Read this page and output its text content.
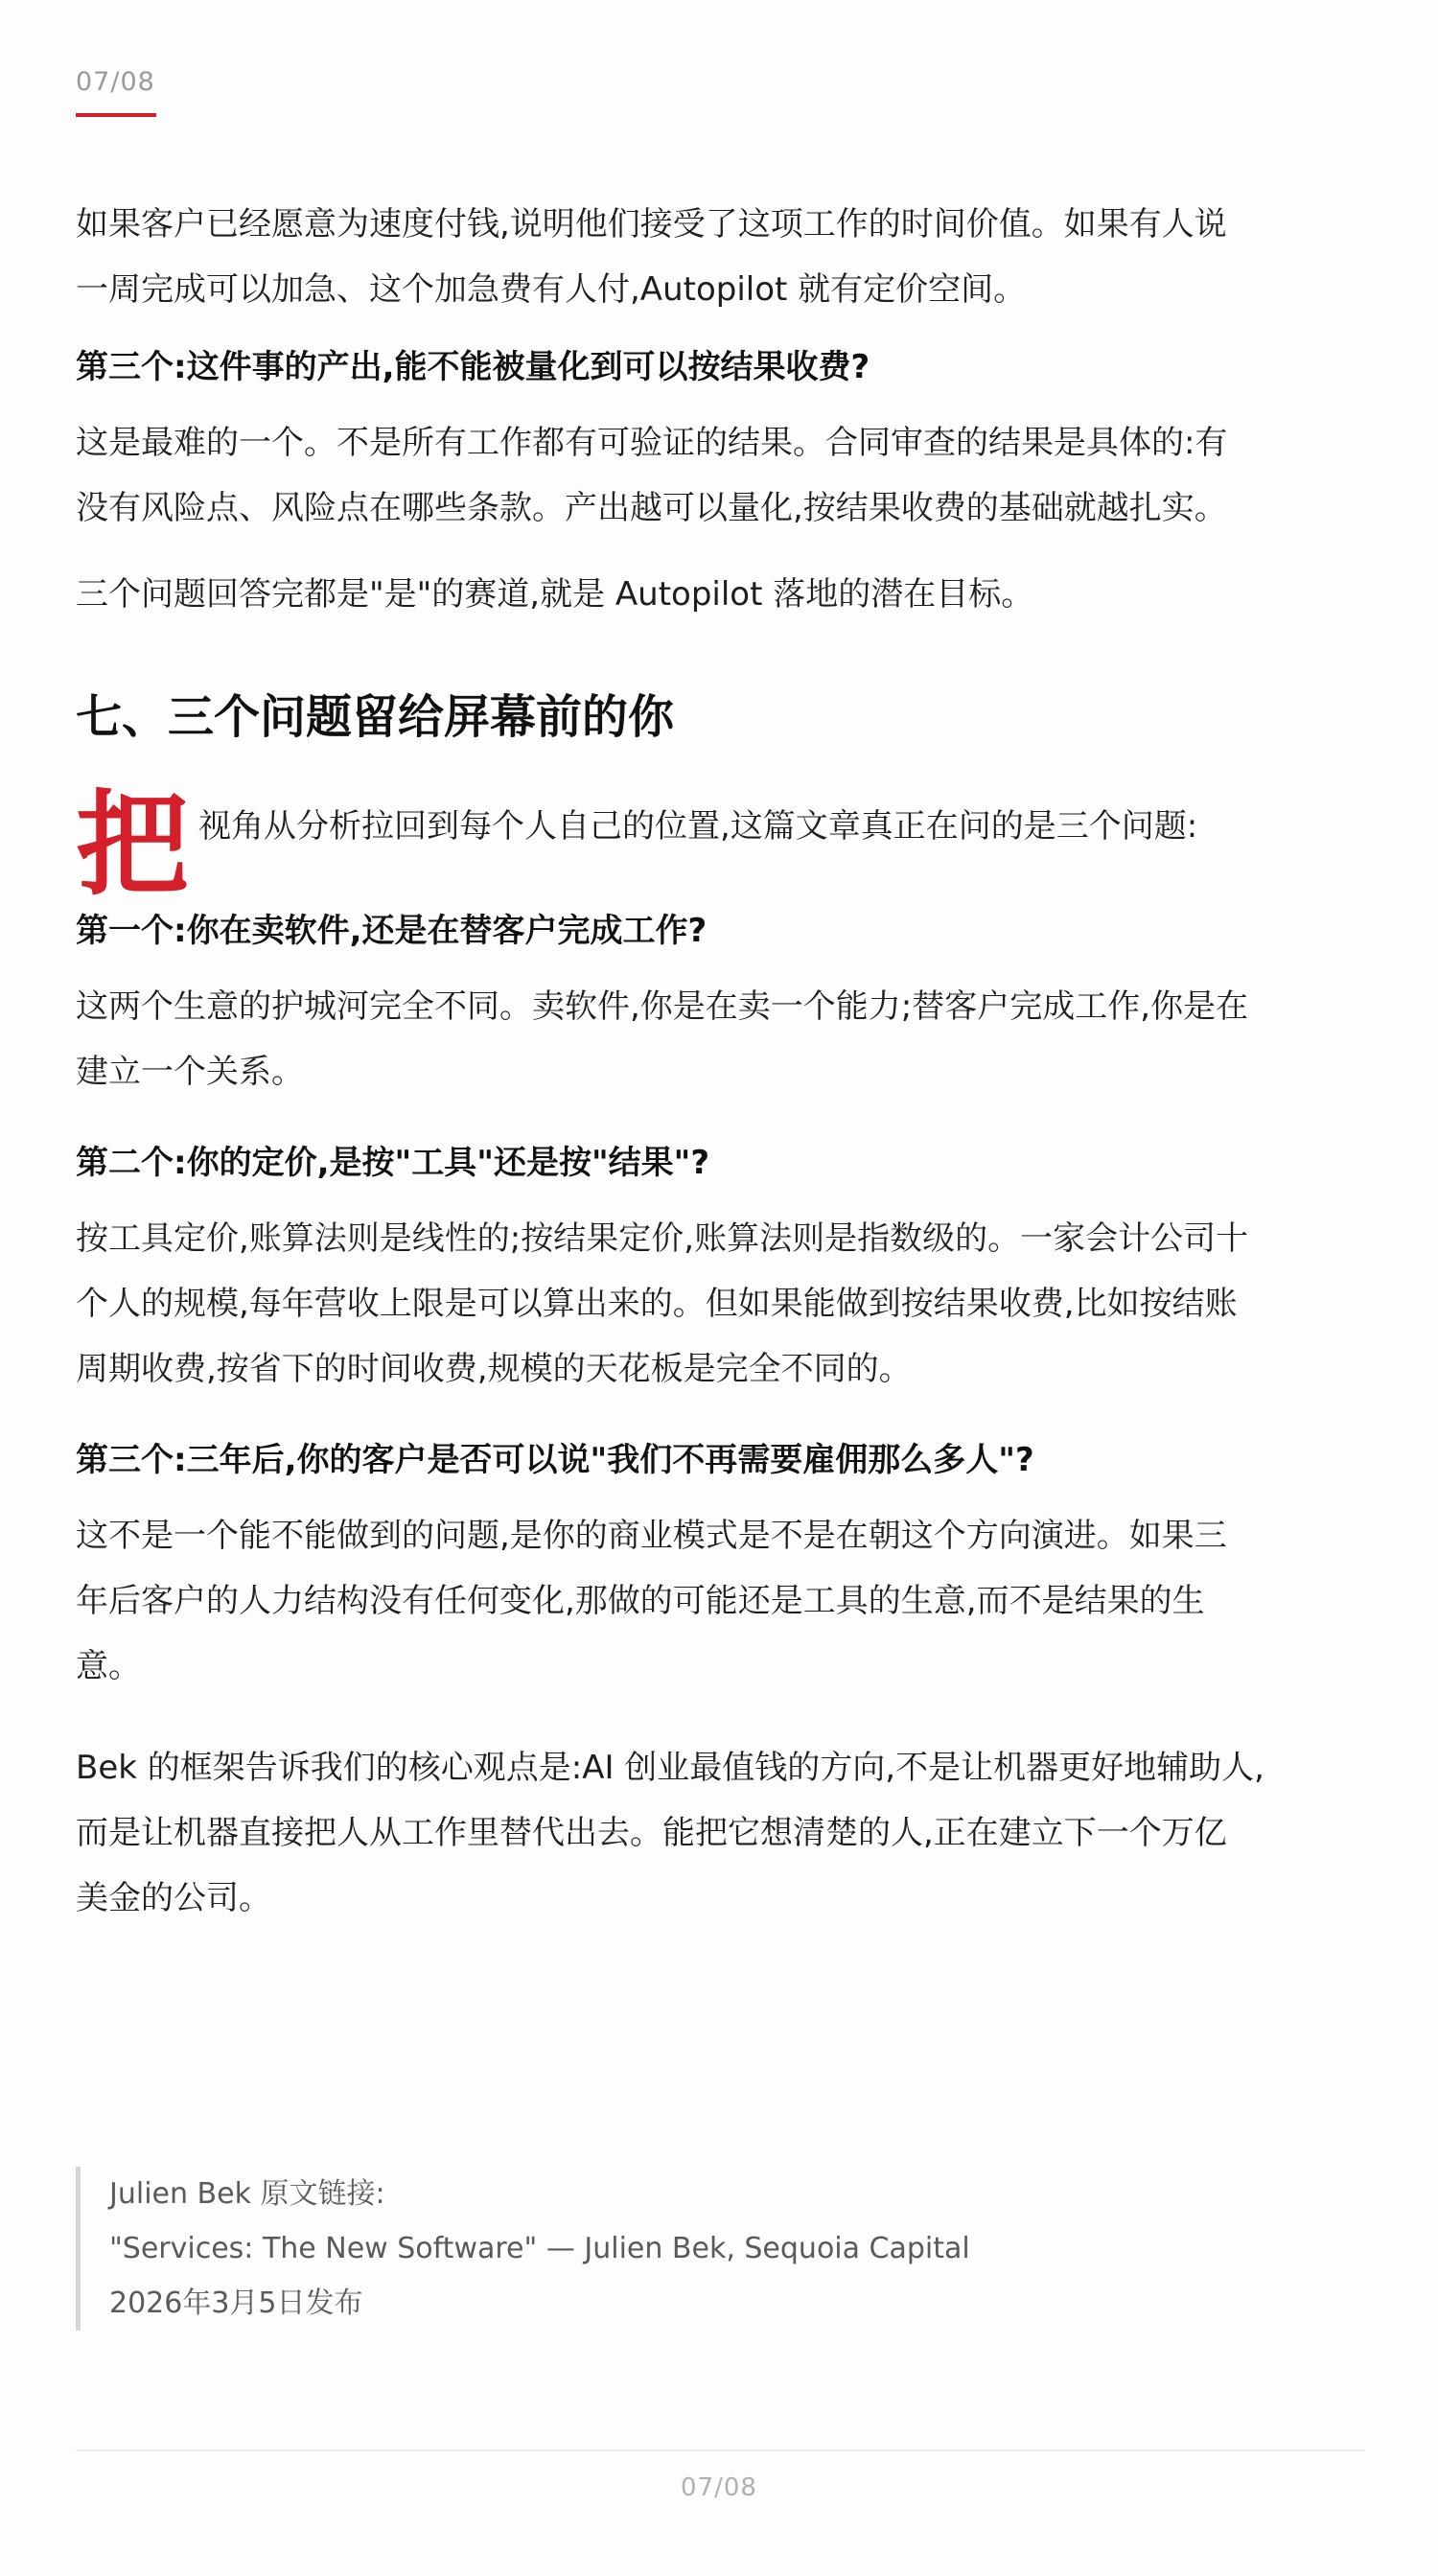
07/08

如果客户已经愿意为速度付钱,说明他们接受了这项工作的时间价值。如果有人说
一周完成可以加急、这个加急费有人付,Autopilot 就有定价空间。

第三个:这件事的产出,能不能被量化到可以按结果收费?

这是最难的一个。不是所有工作都有可验证的结果。合同审查的结果是具体的:有
没有风险点、风险点在哪些条款。产出越可以量化,按结果收费的基础就越扎实。

三个问题回答完都是"是"的赛道,就是 Autopilot 落地的潜在目标。

七、三个问题留给屏幕前的你
把 视角从分析拉回到每个人自己的位置,这篇文章真正在问的是三个问题:

第一个:你在卖软件,还是在替客户完成工作?

这两个生意的护城河完全不同。卖软件,你是在卖一个能力;替客户完成工作,你是在
建立一个关系。

第二个:你的定价,是按"工具"还是按"结果"?

按工具定价,账算法则是线性的;按结果定价,账算法则是指数级的。一家会计公司十
个人的规模,每年营收上限是可以算出来的。但如果能做到按结果收费,比如按结账
周期收费,按省下的时间收费,规模的天花板是完全不同的。

第三个:三年后,你的客户是否可以说"我们不再需要雇佣那么多人"?

这不是一个能不能做到的问题,是你的商业模式是不是在朝这个方向演进。如果三
年后客户的人力结构没有任何变化,那做的可能还是工具的生意,而不是结果的生
意。

Bek 的框架告诉我们的核心观点是:AI 创业最值钱的方向,不是让机器更好地辅助人,
而是让机器直接把人从工作里替代出去。能把它想清楚的人,正在建立下一个万亿
美金的公司。

Julien Bek 原文链接:
"Services: The New Software" — Julien Bek, Sequoia Capital
2026年3月5日发布
07/08
